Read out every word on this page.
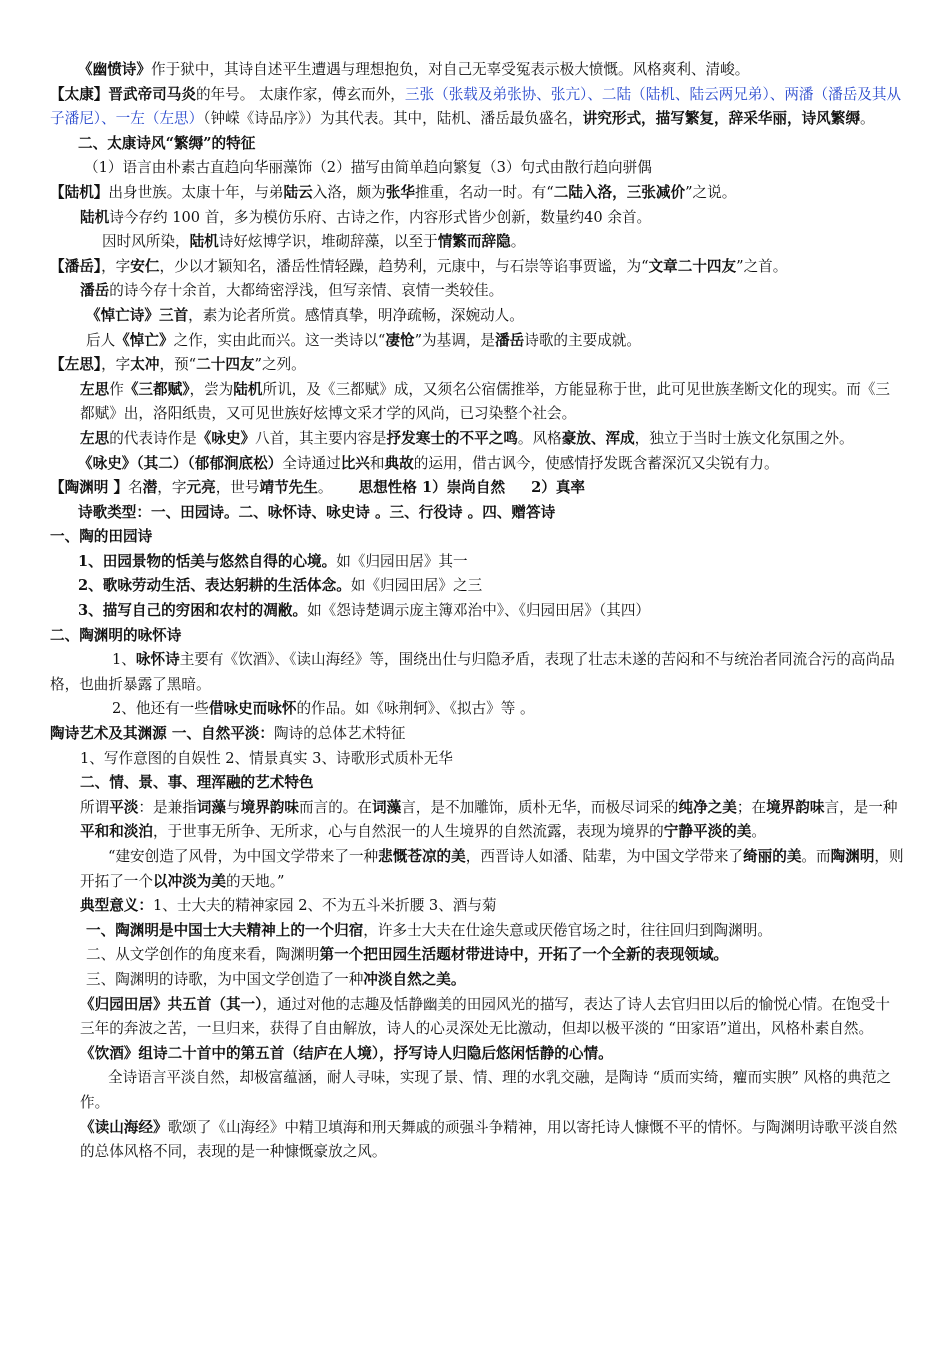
《幽愤诗》作于狱中，其诗自述平生遭遇与理想抱负，对自己无辜受冤表示极大愤慨。风格爽利、清峻。

【太康】晋武帝司马炎的年号。 太康作家，傅玄而外，三张（张载及弟张协、张亢）、二陆（陆机、陆云两兄弟）、两潘（潘岳及其从子潘尼）、一左（左思）（钟嵘《诗品序》）为其代表。其中，陆机、潘岳最负盛名，讲究形式，描写繁复，辞采华丽，诗风繁缛。

二、太康诗风“繁缛”的特征

（1）语言由朴素古直趋向华丽藻饰（2）描写由简单趋向繁复（3）句式由散行趋向骈偶

【陆机】出身世族。太康十年，与弟陆云入洛，颇为张华推重，名动一时。有“二陆入洛，三张减价”之说。

陆机诗今存约 100 首，多为模仿乐府、古诗之作，内容形式皆少创新，数量约40 余首。

因时风所染，陆机诗好炫博学识，堆砌辞藻，以至于情繁而辞隐。

【潘岳】，字安仁，少以才颖知名，潘岳性情轻躁，趋势利，元康中，与石崇等谄事贾谧，为“文章二十四友”之首。

潘岳的诗今存十余首，大都绮密浮浅，但写亲情、哀情一类较佳。

《悼亡诗》三首，素为论者所赏。感情真挚，明净疏畅，深婉动人。

后人《悼亡》之作，实由此而兴。这一类诗以“凄怆”为基调，是潘岳诗歌的主要成就。

【左思】，字太冲，预“二十四友”之列。

左思作《三都赋》，尝为陆机所讥，及《三都赋》成，又须名公宿儒推举，方能显称于世，此可见世族垄断文化的现实。而《三都赋》出，洛阳纸贵，又可见世族好炫博文采才学的风尚，已习染整个社会。

左思的代表诗作是《咏史》八首，其主要内容是抒发寒士的不平之鸣。风格豪放、浑成，独立于当时士族文化氛围之外。

《咏史》（其二）（郁郁涧底松）全诗通过比兴和典故的运用，借古讽今，使感情抒发既含蓄深沉又尖锐有力。

【陶渊明 】名潜，字元亮，世号靖节先生。 思想性格 1）崇尚自然 2）真率

诗歌类型：一、田园诗。二、咏怀诗、咏史诗 。三、行役诗 。四、赠答诗

一、陶的田园诗

1、田园景物的恬美与悠然自得的心境。如《归园田居》其一

2、歌咏劳动生活、表达躬耕的生活体念。如《归园田居》之三

3、描写自己的穷困和农村的凋敝。如《怨诗楚调示庞主簿邓治中》、《归园田居》（其四）

二、陶渊明的咏怀诗

1、咏怀诗主要有《饮酒》、《读山海经》等，围绕出仕与归隐矛盾，表现了壮志未遂的苦闷和不与统治者同流合污的高尚品格，也曲折暴露了黑暗。

2、他还有一些借咏史而咏怀的作品。如《咏荆轲》、《拟古》等 。

陶诗艺术及其渊源 一、自然平淡：陶诗的总体艺术特征

1、写作意图的自娱性 2、情景真实 3、诗歌形式质朴无华

二、情、景、事、理浑融的艺术特色

所谓平淡：是兼指词藻与境界韵味而言的。在词藻言，是不加雕饰，质朴无华，而极尽词采的纯净之美；在境界韵味言，是一种平和和淡泊，于世事无所争、无所求，心与自然泯一的人生境界的自然流露，表现为境界的宁静平淡的美。

“建安创造了风骨，为中国文学带来了一种悲慨苍凉的美，西晋诗人如潘、陆辈，为中国文学带来了绮丽的美。而陶渊明，则开拓了一个以冲淡为美的天地。”

典型意义：1、士大夫的精神家园 2、不为五斗米折腰 3、酒与菊

一、陶渊明是中国士大夫精神上的一个归宿，许多士大夫在仕途失意或厌倦官场之时，往往回归到陶渊明。

二、从文学创作的角度来看，陶渊明第一个把田园生活题材带进诗中，开拓了一个全新的表现领域。

三、陶渊明的诗歌，为中国文学创造了一种冲淡自然之美。

《归园田居》共五首（其一），通过对他的志趣及恬静幽美的田园风光的描写，表达了诗人去官归田以后的愉悦心情。在饱受十三年的奔波之苦，一旦归来，获得了自由解放，诗人的心灵深处无比激动，但却以极平淡的 “田家语”道出，风格朴素自然。

《饮酒》组诗二十首中的第五首（结庐在人境），抒写诗人归隐后悠闲恬静的心情。

全诗语言平淡自然，却极富蕴涵，耐人寻味，实现了景、情、理的水乳交融，是陶诗 “质而实绮，癯而实腴” 风格的典范之作。

《读山海经》歌颂了《山海经》中精卫填海和刑天舞戚的顽强斗争精神，用以寄托诗人慷慨不平的情怀。与陶渊明诗歌平淡自然的总体风格不同，表现的是一种慷慨豪放之风。
